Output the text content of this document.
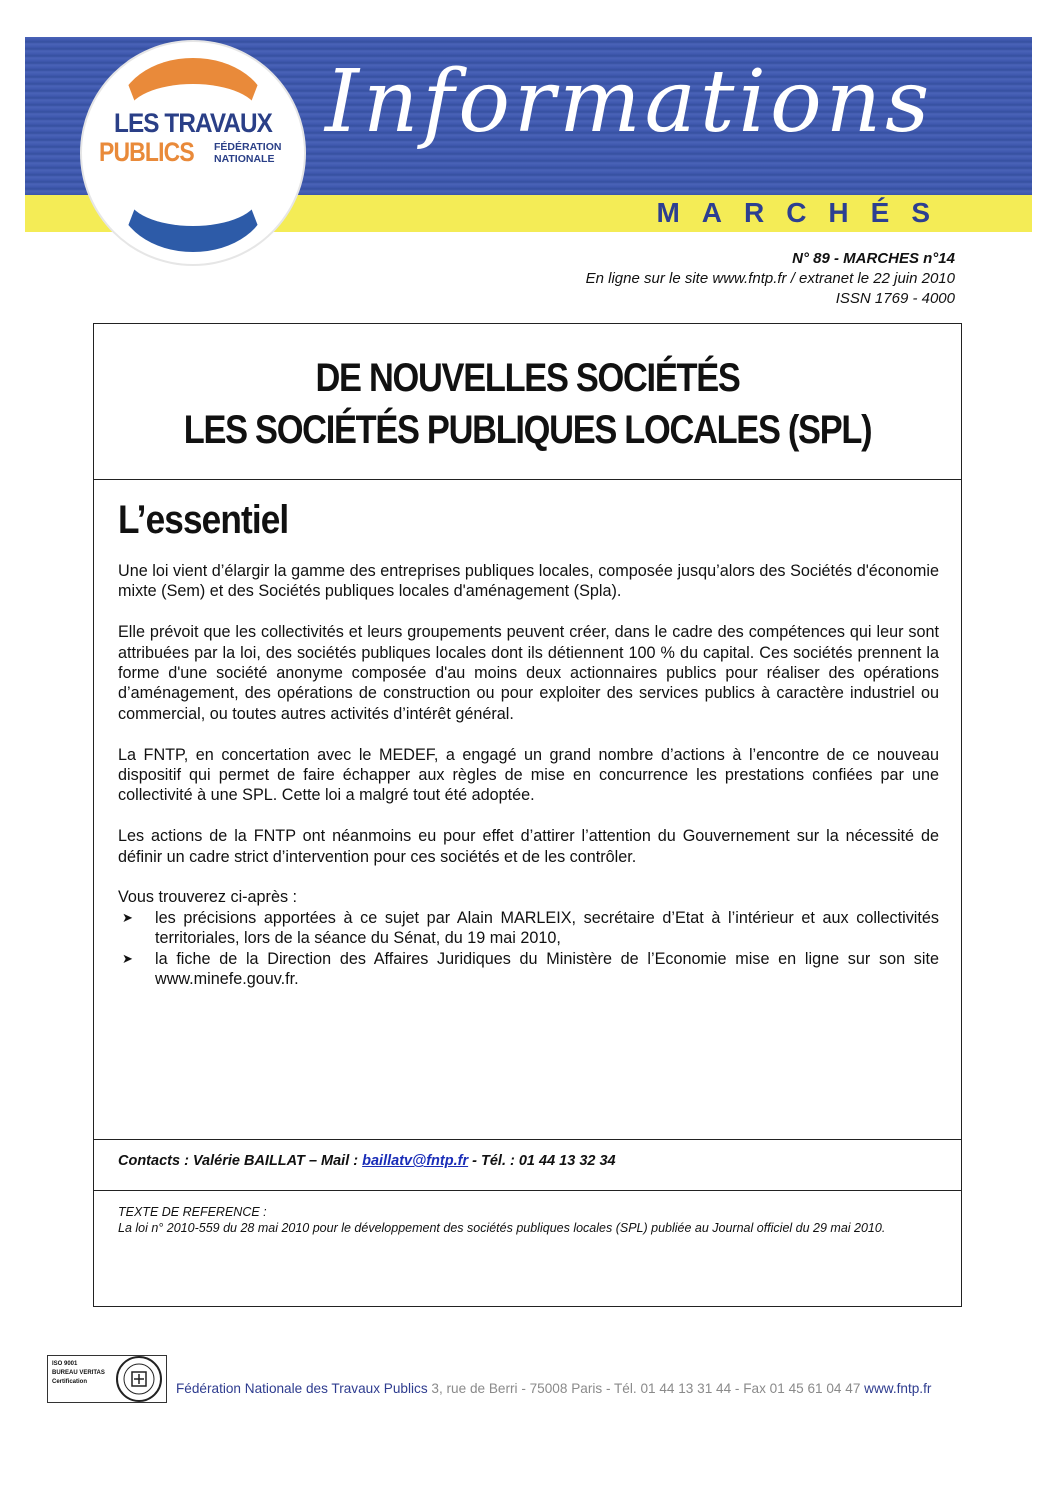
Informations
MARCHÉS
LES TRAVAUX
PUBLICS FÉDÉRATION
NATIONALE
N° 89 - MARCHES n°14
En ligne sur le site www.fntp.fr / extranet le 22 juin 2010
ISSN 1769 - 4000
DE NOUVELLES SOCIÉTÉS
LES SOCIÉTÉS PUBLIQUES LOCALES (SPL)
L’essentiel

Une loi vient d’élargir la gamme des entreprises publiques locales, composée jusqu’alors des Sociétés d'économie mixte (Sem) et des Sociétés publiques locales d'aménagement (Spla).

Elle prévoit que les collectivités et leurs groupements peuvent créer, dans le cadre des compétences qui leur sont attribuées par la loi, des sociétés publiques locales dont ils détiennent 100 % du capital. Ces sociétés prennent la forme d'une société anonyme composée d'au moins deux actionnaires publics pour réaliser des opérations d’aménagement, des opérations de construction ou pour exploiter des services publics à caractère industriel ou commercial, ou toutes autres activités d’intérêt général.

La FNTP, en concertation avec le MEDEF, a engagé un grand nombre d’actions à l’encontre de ce nouveau dispositif qui permet de faire échapper aux règles de mise en concurrence les prestations confiées par une collectivité à une SPL. Cette loi a malgré tout été adoptée.

Les actions de la FNTP ont néanmoins eu pour effet d’attirer l’attention du Gouvernement sur la nécessité de définir un cadre strict d’intervention pour ces sociétés et de les contrôler.

Vous trouverez ci-après :
➤ les précisions apportées à ce sujet par Alain MARLEIX, secrétaire d’Etat à l’intérieur et aux collectivités territoriales, lors de la séance du Sénat, du 19 mai 2010,
➤ la fiche de la Direction des Affaires Juridiques du Ministère de l’Economie mise en ligne sur son site www.minefe.gouv.fr.
Contacts : Valérie BAILLAT – Mail : baillatv@fntp.fr - Tél. : 01 44 13 32 34
TEXTE DE REFERENCE :
La loi n° 2010-559 du 28 mai 2010 pour le développement des sociétés publiques locales (SPL) publiée au Journal officiel du 29 mai 2010.
ISO 9001
BUREAU VERITAS
Certification	Fédération Nationale des Travaux Publics 3, rue de Berri - 75008 Paris - Tél. 01 44 13 31 44 - Fax 01 45 61 04 47 www.fntp.fr
